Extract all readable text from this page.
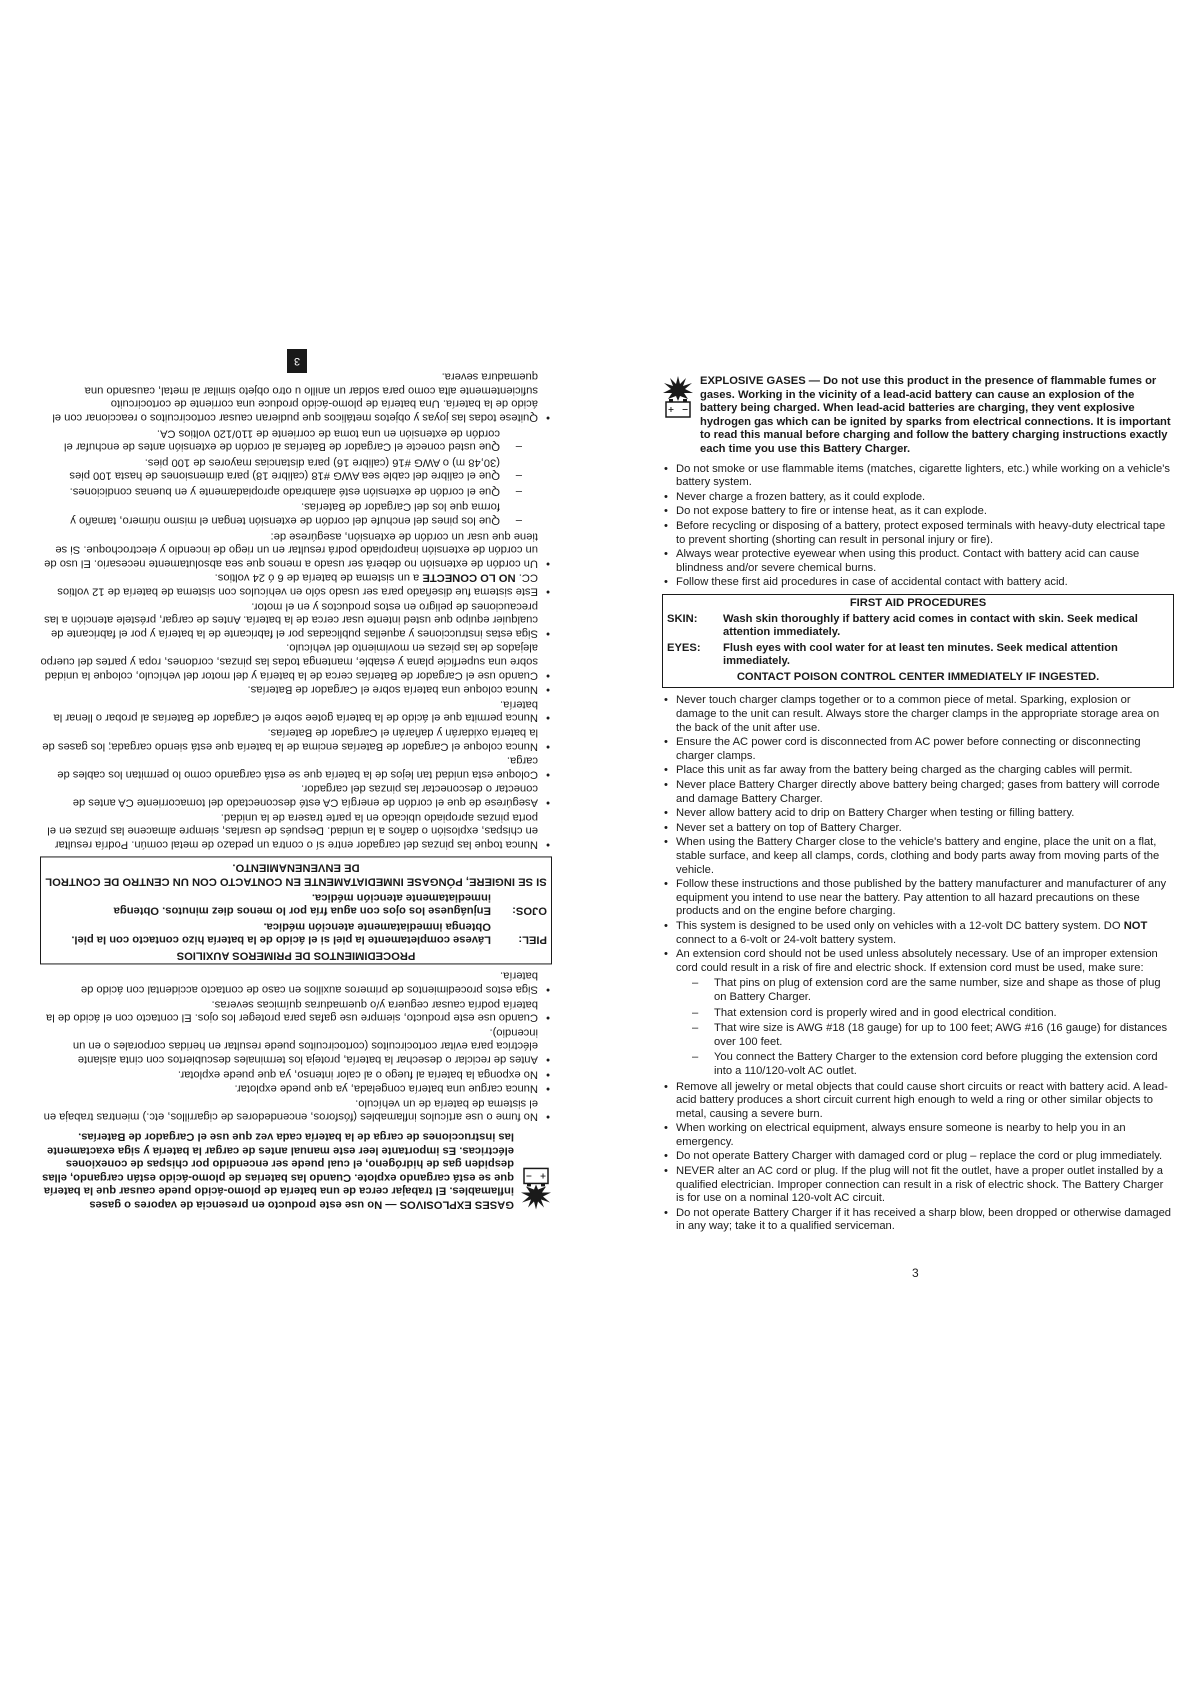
+ −
EXPLOSIVE GASES — Do not use this product in the presence of flammable fumes or gases. Working in the vicinity of a lead-acid battery can cause an explosion of the battery being charged. When lead-acid batteries are charging, they vent explosive hydrogen gas which can be ignited by sparks from electrical connections. It is important to read this manual before charging and follow the battery charging instructions exactly each time you use this Battery Charger.
• Do not smoke or use flammable items (matches, cigarette lighters, etc.) while working on a vehicle's battery system.
• Never charge a frozen battery, as it could explode.
• Do not expose battery to fire or intense heat, as it can explode.
• Before recycling or disposing of a battery, protect exposed terminals with heavy-duty electrical tape to prevent shorting (shorting can result in personal injury or fire).
• Always wear protective eyewear when using this product. Contact with battery acid can cause blindness and/or severe chemical burns.
• Follow these first aid procedures in case of accidental contact with battery acid.
FIRST AID PROCEDURES
SKIN:	Wash skin thoroughly if battery acid comes in contact with skin. Seek medical attention immediately.
EYES:	Flush eyes with cool water for at least ten minutes. Seek medical attention immediately.
CONTACT POISON CONTROL CENTER IMMEDIATELY IF INGESTED.
• Never touch charger clamps together or to a common piece of metal. Sparking, explosion or damage to the unit can result. Always store the charger clamps in the appropriate storage area on the back of the unit after use.
• Ensure the AC power cord is disconnected from AC power before connecting or disconnecting charger clamps.
• Place this unit as far away from the battery being charged as the charging cables will permit.
• Never place Battery Charger directly above battery being charged; gases from battery will corrode and damage Battery Charger.
• Never allow battery acid to drip on Battery Charger when testing or filling battery.
• Never set a battery on top of Battery Charger.
• When using the Battery Charger close to the vehicle's battery and engine, place the unit on a flat, stable surface, and keep all clamps, cords, clothing and body parts away from moving parts of the vehicle.
• Follow these instructions and those published by the battery manufacturer and manufacturer of any equipment you intend to use near the battery. Pay attention to all hazard precautions on these products and on the engine before charging.
• This system is designed to be used only on vehicles with a 12-volt DC battery system. DO NOT connect to a 6-volt or 24-volt battery system.
• An extension cord should not be used unless absolutely necessary. Use of an improper extension cord could result in a risk of fire and electric shock. If extension cord must be used, make sure:
– That pins on plug of extension cord are the same number, size and shape as those of plug on Battery Charger.
– That extension cord is properly wired and in good electrical condition.
– That wire size is AWG #18 (18 gauge) for up to 100 feet; AWG #16 (16 gauge) for distances over 100 feet.
– You connect the Battery Charger to the extension cord before plugging the extension cord into a 110/120-volt AC outlet.
• Remove all jewelry or metal objects that could cause short circuits or react with battery acid. A lead-acid battery produces a short circuit current high enough to weld a ring or other similar objects to metal, causing a severe burn.
• When working on electrical equipment, always ensure someone is nearby to help you in an emergency.
• Do not operate Battery Charger with damaged cord or plug – replace the cord or plug immediately.
• NEVER alter an AC cord or plug. If the plug will not fit the outlet, have a proper outlet installed by a qualified electrician. Improper connection can result in a risk of electric shock. The Battery Charger is for use on a nominal 120-volt AC circuit.
• Do not operate Battery Charger if it has received a sharp blow, been dropped or otherwise damaged in any way; take it to a qualified serviceman.
3
+
−
GASES EXPLOSIVOS — No use este producto en presencia de vapores o gases inflamables. El trabajar cerca de una batería de plomo-ácido puede causar que la batería que se está cargando explote. Cuando las baterias de plomo-ácido están cargando, ellas despiden gas de hidrógeno, el cual puede ser encendido por chispas de conexiones eléctricas. Es importante leer este manual antes de cargar la batería y siga exactamente las instrucciones de carga de la batería cada vez que use el Cargador de Baterías.
• No fume o use artículos inflamables (fósforos, encendedores de cigarrillos, etc.) mientras trabaja en el sistema de batería de un vehículo.
• Nunca cargue una batería congelada, ya que puede explotar.
• No exponga la batería al fuego o al calor intenso, ya que puede explotar.
• Antes de reciclar o desechar la batería, proteja los terminales descubiertos con cinta aislante eléctrica para evitar cortocircuitos (cortocircuitos puede resultar en heridas corporales o en un incendio).
• Cuando use este producto, siempre use gafas para proteger los ojos. El contacto con el ácido de la batería podría causar ceguera y/o quemaduras químicas severas.
• Siga estos procedimientos de primeros auxilios en caso de contacto accidental con ácido de batería.
PROCEDIMIENTOS DE PRIMEROS AUXILIOS
PIEL:
Lávese completamente la piel si el ácido de la batería hizo contacto con la piel. Obtenga inmediatamente atención médica.
OJOS:
Enjuáguese los ojos con agua fría por lo menos diez minutos. Obtenga inmediatamente atención médica.
SI SE INGIERE, PÓNGASE INMEDIATAMENTE EN CONTACTO CON UN CENTRO DE CONTROL DE ENVENENAMIENTO.
• Nunca toque las pinzas del cargador entre sí o contra un pedazo de metal común. Podría resultar en chispas, explosión o daños a la unidad. Después de usarlas, siempre almacene las pinzas en el porta pinzas apropiado ubicado en la parte trasera de la unidad.
• Asegúrese de que el cordón de energía CA esté desconectado del tomacorriente CA antes de conectar o desconectar las pinzas del cargador.
• Coloque esta unidad tan lejos de la batería que se está cargando como lo permitan los cables de carga.
• Nunca coloque el Cargador de Baterías encima de la batería que está siendo cargada; los gases de la batería oxidarán y dañarán el Cargador de Baterías.
• Nunca permita que el ácido de la batería gotee sobre el Cargador de Baterías al probar o llenar la batería.
• Nunca coloque una batería sobre el Cargador de Baterías.
• Cuando use el Cargador de Baterías cerca de la batería y del motor del vehículo, coloque la unidad sobre una superficie plana y estable, mantenga todas las pinzas, cordones, ropa y partes del cuerpo alejados de las piezas en movimiento del vehículo.
• Siga estas instrucciones y aquellas publicadas por el fabricante de la batería y por el fabricante de cualquier equipo que usted intente usar cerca de la batería. Antes de cargar, préstele atención a las precauciones de peligro en estos productos y en el motor.
• Este sistema fue diseñado para ser usado sólo en vehículos con sistema de batería de 12 voltios CC. NO LO CONECTE a un sistema de batería de 6 ó 24 voltios.
• Un cordón de extensión no deberá ser usado a menos que sea absolutamente necesario. El uso de un cordón de extensión inapropiado podrá resultar en un riego de incendio y electrochoque. Si se tiene que usar un cordón de extensión, asegúrese de:
– Que los pines del enchufe del cordón de extensión tengan el mismo número, tamaño y forma que los del Cargador de Baterías.
– Que el cordón de extensión esté alambrado apropiadamente y en buenas condiciones.
– Que el calibre del cable sea AWG #18 (calibre 18) para dimensiones de hasta 100 pies (30,48 m) o AWG #16 (calibre 16) para distancias mayores de 100 pies.
– Que usted conecte el Cargador de Baterías al cordón de extensión antes de enchufar el cordón de extensión en una toma de corriente de 110/120 voltios CA.
• Quitese todas las joyas y objetos metálicos que pudieran causar cortocircuitos o reaccionar con el ácido de la batería. Una batería de plomo-ácido produce una corriente de cortocircuito suficientemente alta como para soldar un anillo u otro objeto similar al metal, causando una quemadura severa.
3
